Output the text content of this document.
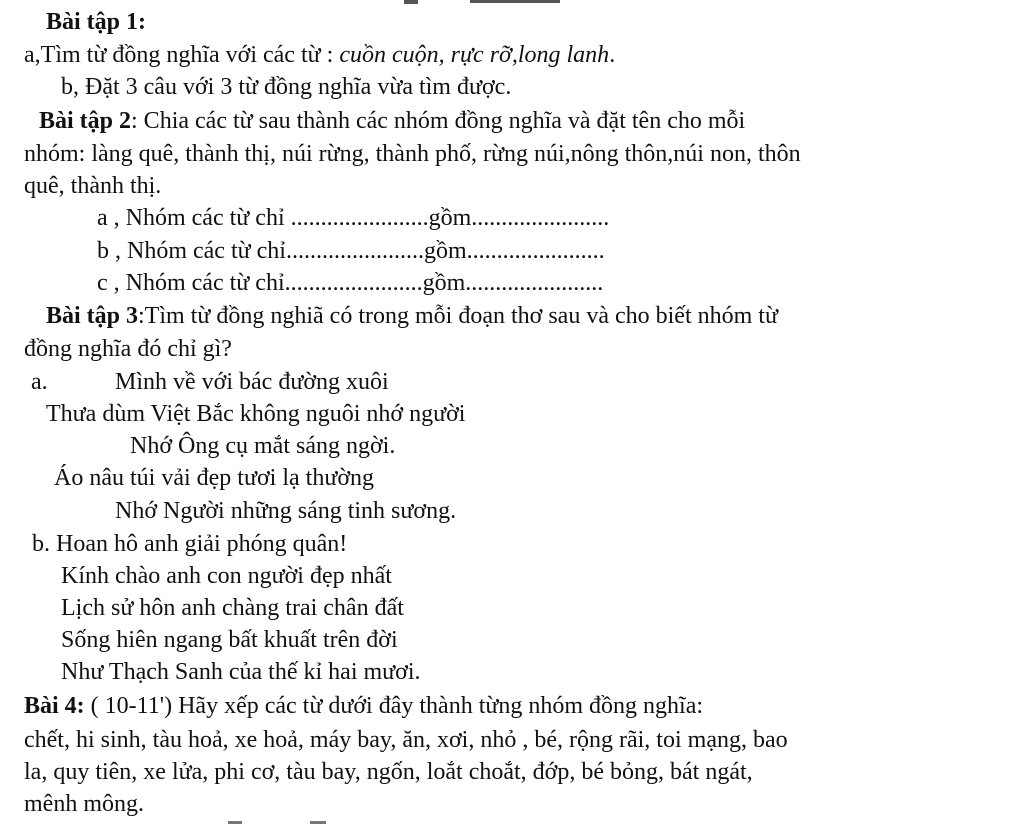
Bài tập 1:
a,Tìm từ đồng nghĩa với các từ : cuồn cuộn, rực rỡ,long lanh.
b, Đặt 3 câu với 3 từ đồng nghĩa vừa tìm được.
Bài tập 2: Chia các từ sau thành các nhóm đồng nghĩa và đặt tên cho mỗi
nhóm: làng quê, thành thị, núi rừng, thành phố, rừng núi,nông thôn,núi non, thôn
quê, thành thị.
a , Nhóm các từ chỉ .......................gồm.......................
b , Nhóm các từ chỉ.......................gồm.......................
c , Nhóm các từ chỉ.......................gồm.......................
Bài tập 3:Tìm từ đồng nghiã có trong mỗi đoạn thơ sau và cho biết nhóm từ
đồng nghĩa đó chỉ gì?
a.	Mình về với bác đường xuôi
Thưa dùm Việt Bắc không nguôi nhớ người
Nhớ Ông cụ mắt sáng ngời.
Áo nâu túi vải đẹp tươi lạ thường
Nhớ Người những sáng tinh sương.
b. Hoan hô anh giải phóng quân!
Kính chào anh con người đẹp nhất
Lịch sử hôn anh chàng trai chân đất
Sống hiên ngang bất khuất trên đời
Như Thạch Sanh của thế kỉ hai mươi.
Bài 4: ( 10-11') Hãy xếp các từ dưới đây thành từng nhóm đồng nghĩa:
chết, hi sinh, tàu hoả, xe hoả, máy bay, ăn, xơi, nhỏ , bé, rộng rãi, toi mạng, bao
la, quy tiên, xe lửa, phi cơ, tàu bay, ngốn, loắt choắt, đớp, bé bỏng, bát ngát,
mênh mông.
